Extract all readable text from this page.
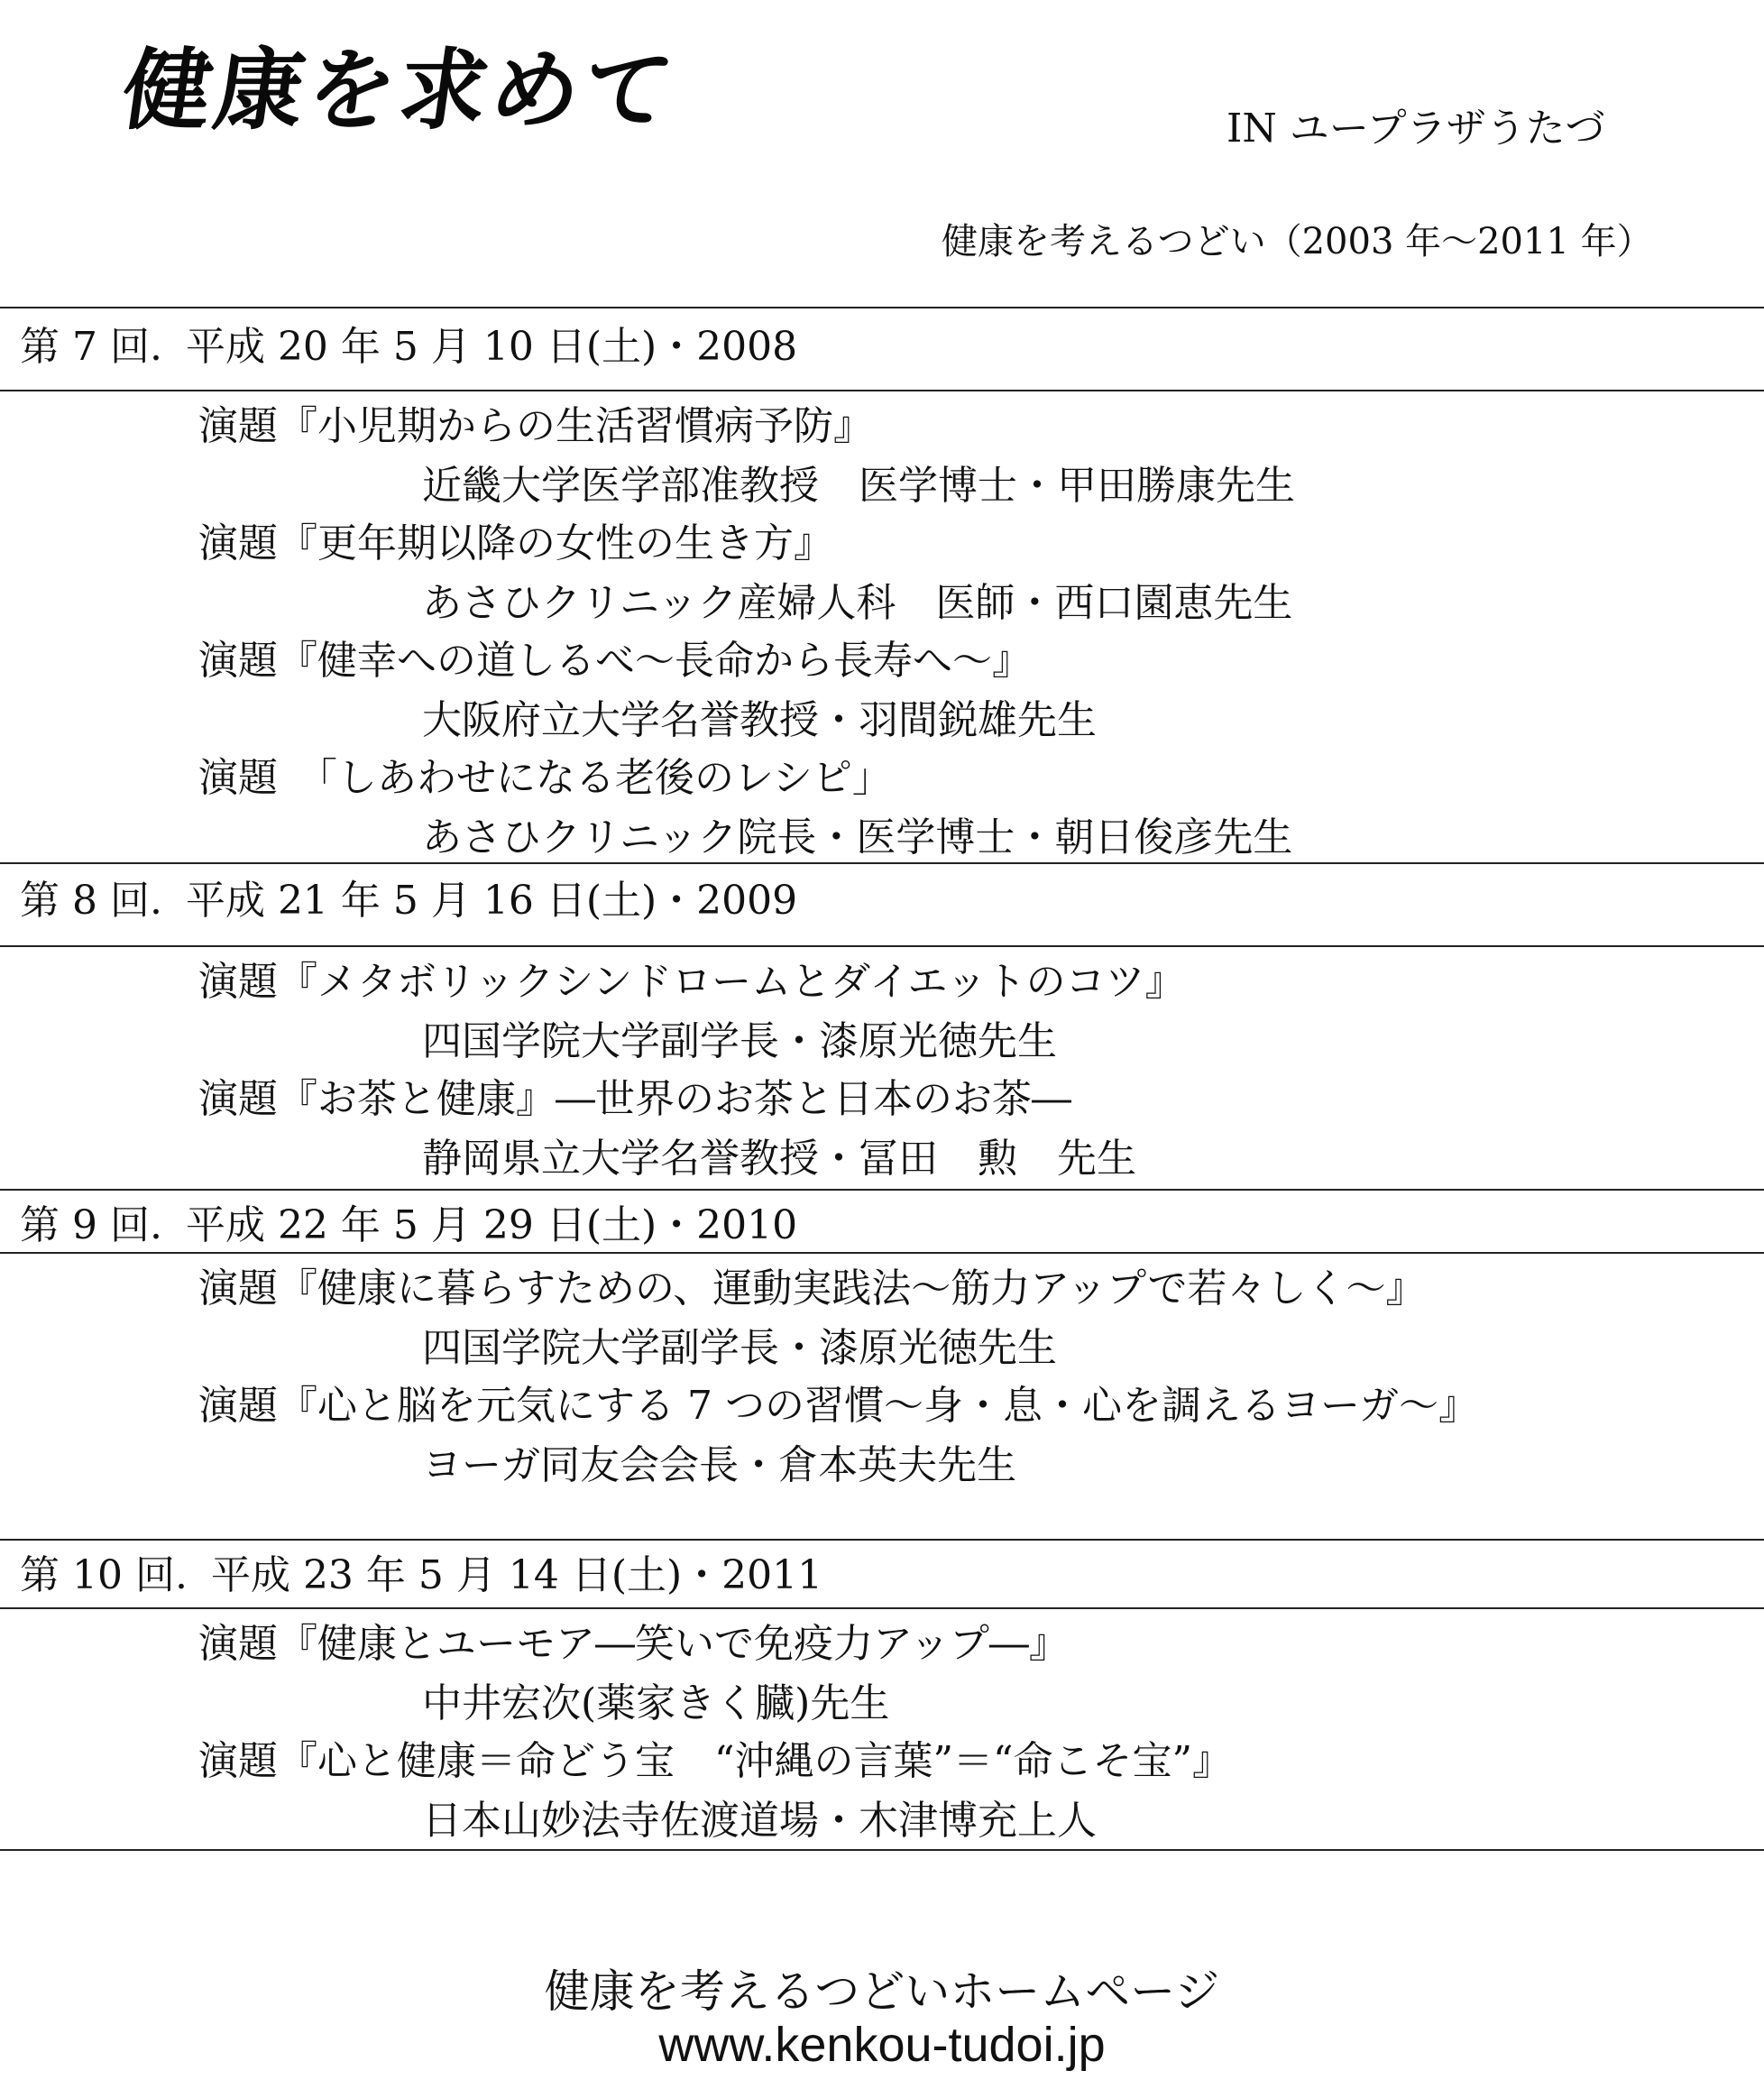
健康を求めて	IN ユープラザうたづ
健康を考えるつどい（2003 年〜2011 年）
第 7 回. 平成 20 年 5 月 10 日(土)・2008
演題『小児期からの生活習慣病予防』
近畿大学医学部准教授　医学博士・甲田勝康先生
演題『更年期以降の女性の生き方』
あさひクリニック産婦人科　医師・西口園恵先生
演題『健幸への道しるべ〜長命から長寿へ〜』
大阪府立大学名誉教授・羽間鋭雄先生
演題　「しあわせになる老後のレシピ」
あさひクリニック院長・医学博士・朝日俊彦先生
第 8 回. 平成 21 年 5 月 16 日(土)・2009
演題『メタボリックシンドロームとダイエットのコツ』
四国学院大学副学長・漆原光徳先生
演題『お茶と健康』―世界のお茶と日本のお茶―
静岡県立大学名誉教授・冨田　勲　先生
第 9 回. 平成 22 年 5 月 29 日(土)・2010
演題『健康に暮らすための、運動実践法〜筋力アップで若々しく〜』
四国学院大学副学長・漆原光徳先生
演題『心と脳を元気にする 7 つの習慣〜身・息・心を調えるヨーガ〜』
ヨーガ同友会会長・倉本英夫先生
第 10 回. 平成 23 年 5 月 14 日(土)・2011
演題『健康とユーモア―笑いで免疫力アップ―』
中井宏次(薬家きく臓)先生
演題『心と健康＝命どう宝　“沖縄の言葉”＝“命こそ宝”』
日本山妙法寺佐渡道場・木津博充上人
健康を考えるつどいホームページ
www.kenkou-tudoi.jp
